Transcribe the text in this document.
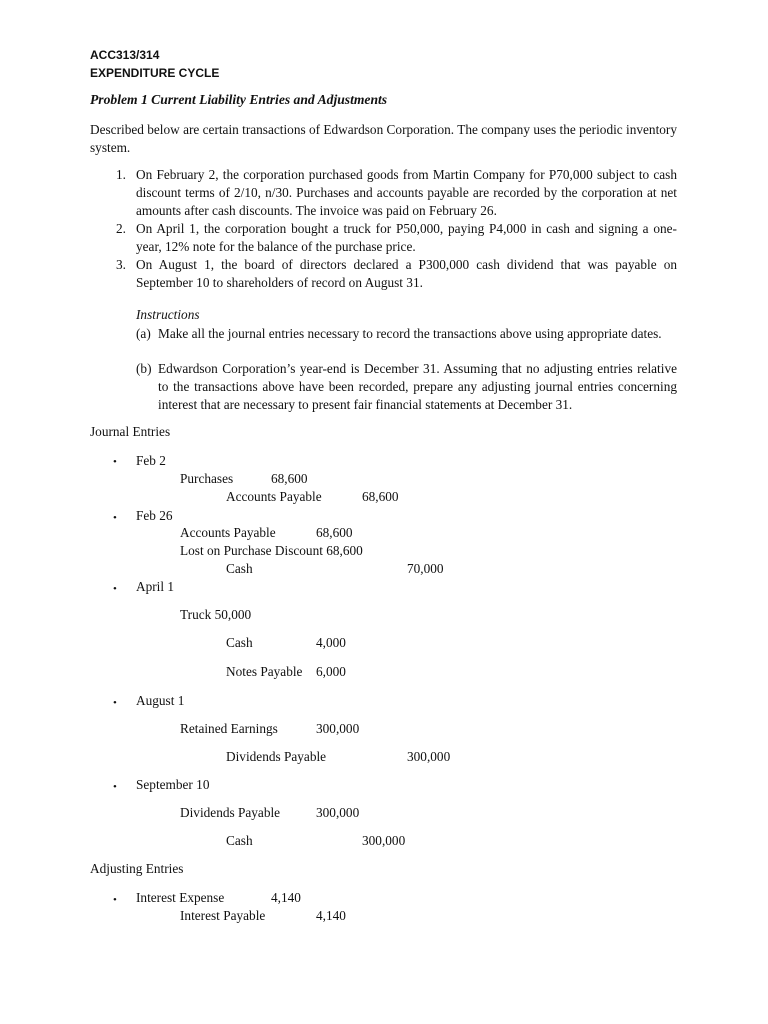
ACC313/314
EXPENDITURE CYCLE
Problem 1 Current Liability Entries and Adjustments
Described below are certain transactions of Edwardson Corporation. The company uses the periodic inventory system.
1. On February 2, the corporation purchased goods from Martin Company for P70,000 subject to cash discount terms of 2/10, n/30. Purchases and accounts payable are recorded by the corporation at net amounts after cash discounts. The invoice was paid on February 26.
2. On April 1, the corporation bought a truck for P50,000, paying P4,000 in cash and signing a one-year, 12% note for the balance of the purchase price.
3. On August 1, the board of directors declared a P300,000 cash dividend that was payable on September 10 to shareholders of record on August 31.
Instructions
(a) Make all the journal entries necessary to record the transactions above using appropriate dates.
(b) Edwardson Corporation’s year-end is December 31. Assuming that no adjusting entries relative to the transactions above have been recorded, prepare any adjusting journal entries concerning interest that are necessary to present fair financial statements at December 31.
Journal Entries
• Feb 2
Purchases	68,600
Accounts Payable	68,600
• Feb 26
Accounts Payable	68,600
Lost on Purchase Discount 68,600
Cash	70,000
• April 1
Truck 50,000
Cash	4,000
Notes Payable 6,000
• August 1
Retained Earnings	300,000
Dividends Payable	300,000
• September 10
Dividends Payable	300,000
Cash	300,000
Adjusting Entries
• Interest Expense	4,140
Interest Payable	4,140
